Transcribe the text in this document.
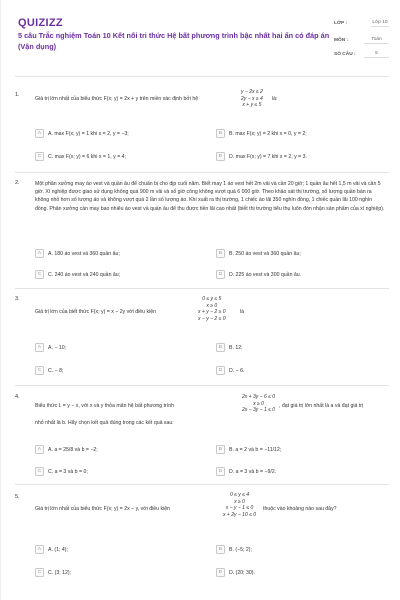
QUIZIZZ
5 câu Trắc nghiệm Toán 10 Kết nối tri thức Hệ bất phương trình bậc nhất hai ẩn có đáp án (Vận dụng)
LỚP :	Lớp 10
MÔN :	Toán
SỐ CÂU :	5
1.	y − 2x ≤ 2
2y − x ≥ 4
x + y ≤ 5
Giá trị lớn nhất của biểu thức F(x; y) = 2x + y trên miền xác định bởi hệ	là:
A	A. max F(x; y) = 1 khi x = 2, y = −3;	B	B. max F(x; y) = 2 khi x = 0, y = 2;
C	C. max F(x; y) = 6 khi x = 1, y = 4;	D	D. max F(x; y) = 7 khi x = 2, y = 3.
2.	Một phân xưởng may áo vest và quần âu để chuẩn bị cho dịp cuối năm. Biết may 1 áo vest hết 2m vải và cần 20 giờ; 1 quần âu hết 1,5 m vải và cần 5 giờ. Xí nghiệp được giao sử dụng không quá 900 m vải và số giờ công không vượt quá 6 000 giờ. Theo khảo sát thị trường, số lượng quần bán ra không nhỏ hơn số lượng áo và không vượt quá 2 lần số lượng áo. Khi xuất ra thị trường, 1 chiếc áo lãi 350 nghìn đồng, 1 chiếc quần lãi 100 nghìn đồng. Phân xưởng cần may bao nhiêu áo vest và quần âu để thu được tiền lãi cao nhất (biết thị trường tiêu thụ luôn đón nhận sản phẩm của xí nghiệp).
A	A. 180 áo vest và 360 quần âu;	B	B. 250 áo vest và 360 quần âu;
C	C. 240 áo vest và 240 quần âu;	D	D. 225 áo vest và 300 quần âu.
3.	0 ≤ y ≤ 5
x ≥ 0
x + y − 2 ≥ 0
x − y − 2 ≤ 0
Giá trị lớn của biết thức F(x; y) = x − 2y với điều kiện	là
A	A. − 10;	B	B. 12;
C	C. − 8;	D	D. − 6.
4.	2x + 3y − 6 ≤ 0
x ≥ 0
2x − 3y − 1 ≤ 0
Biểu thức L = y − x, với x và y thỏa mãn hệ bất phương trình	, đạt giá trị lớn nhất là a và đạt giá trị
nhỏ nhất là b. Hãy chọn kết quả đúng trong các kết quả sau:
A	A. a = 25/8 và b = −2;	B	B. a = 2 và b = −11/12;
C	C. a = 3 và b = 0;	D	D. a = 3 và b = −9/2.
5.	0 ≤ y ≤ 4
x ≥ 0
x − y − 1 ≤ 0
x + 2y − 10 ≤ 0
Giá trị lớn nhất của biểu thức F(x; y) = 2x − y, với điều kiện	thuộc vào khoảng nào sau đây?
A	A. (1; 4);	B	B. (−5; 2);
C	C. (3; 12);	D	D. (20; 30).
